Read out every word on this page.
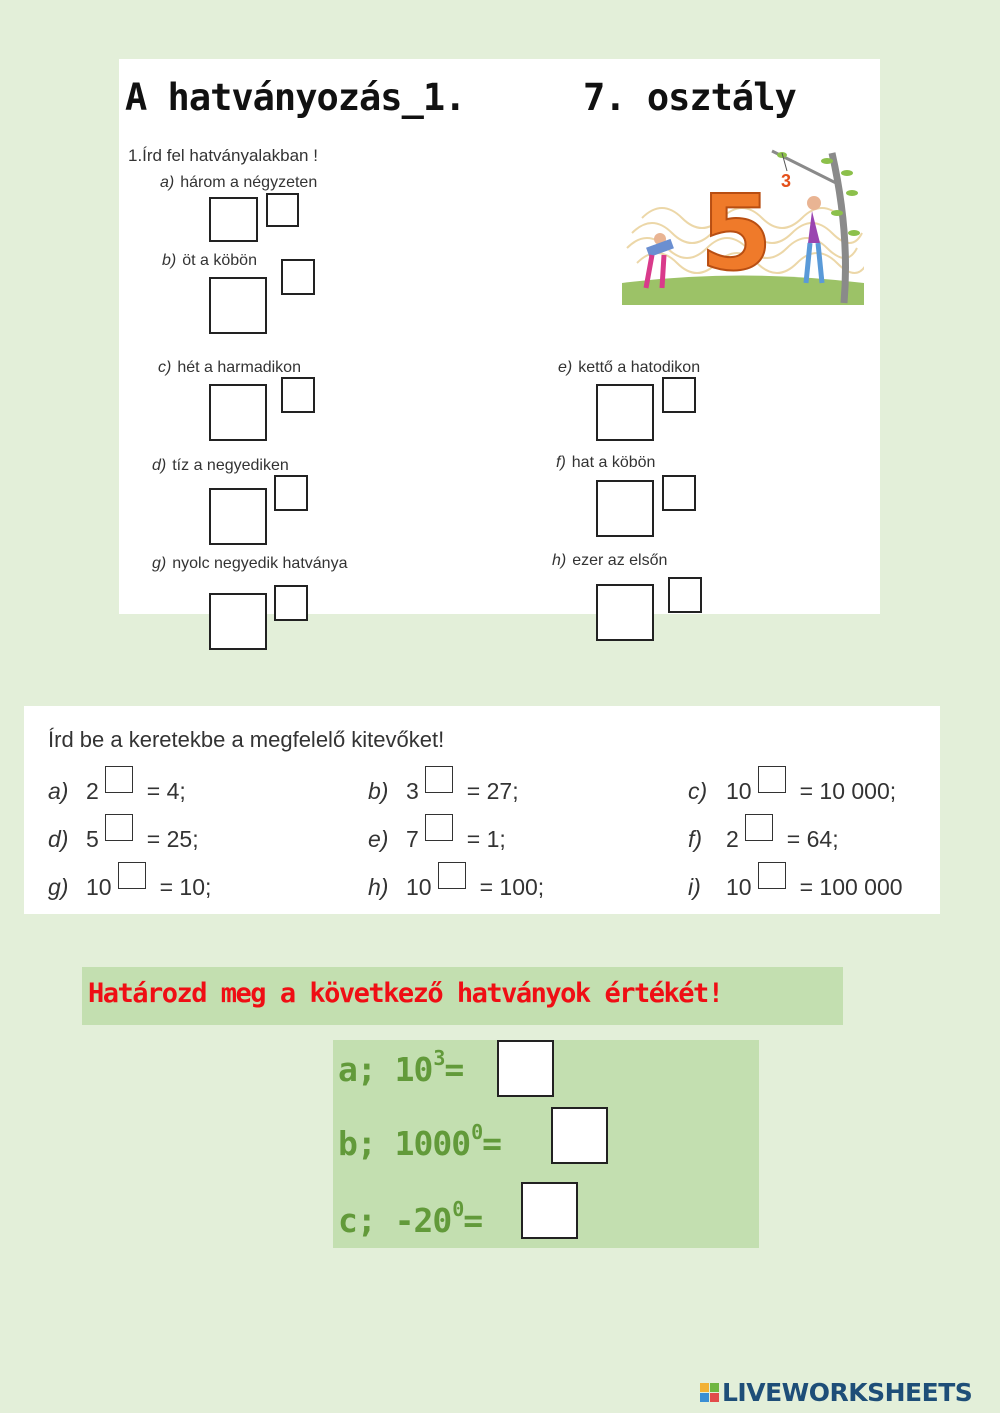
A hatványozás_1.	7. osztály
1.Írd fel hatványalakban !
a) három a négyzeten
b) öt a köbön
c) hét a harmadikon
d) tíz a negyediken
e) kettő a hatodikon
f) hat a köbön
g) nyolc negyedik hatványa	h) ezer az elsőn
3
5
Írd be a keretekbe a megfelelő kitevőket!
a) 2 = 4;	b) 3 = 27;	c) 10 = 10 000;
d) 5 = 25;	e) 7 = 1;	f)	2 = 64;
g) 10 = 10;	h) 10 = 100;	i)	10 = 100 000
Határozd meg a következő hatványok értékét!
a; $10^3$ =
b; $1000^0$ =
c; $-20^0$ =
LIVEWORKSHEETS
